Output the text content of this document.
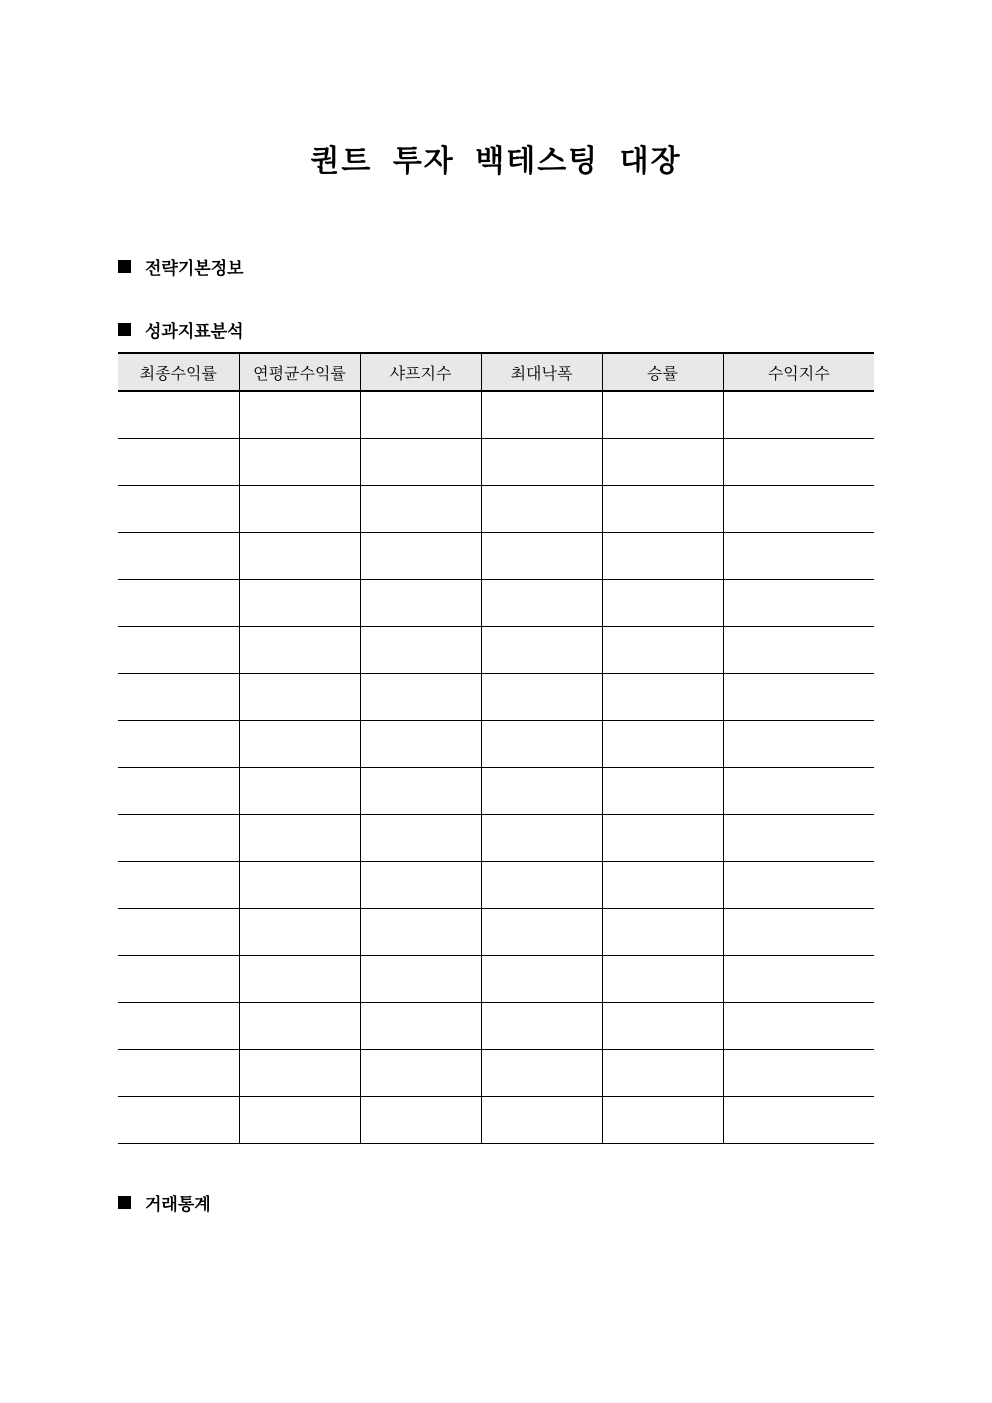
퀀트 투자 백테스팅 대장
전략기본정보
성과지표분석
최종수익률	연평균수익률	샤프지수	최대낙폭	승률	수익지수

거래통계
